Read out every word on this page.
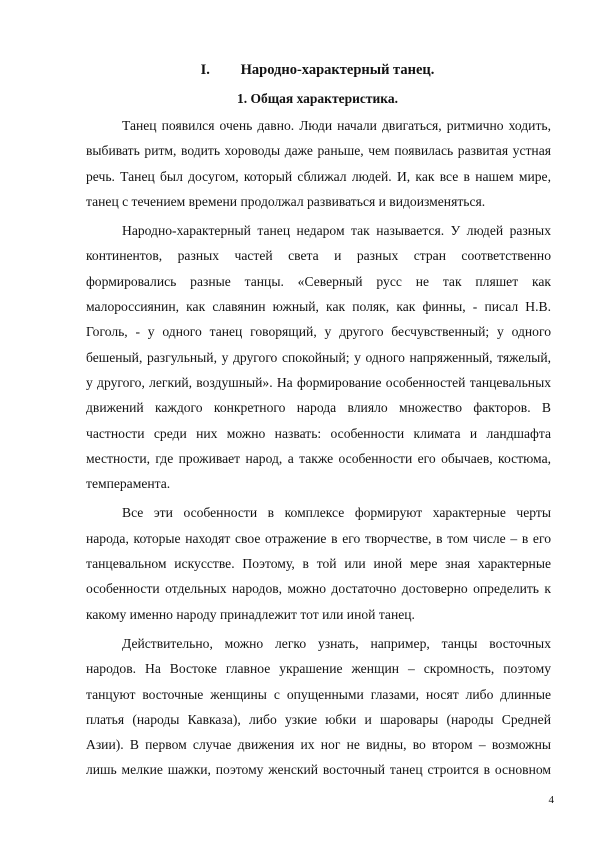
I. Народно-характерный танец.
1. Общая характеристика.
Танец появился очень давно. Люди начали двигаться, ритмично ходить,
выбивать ритм, водить хороводы даже раньше, чем появилась развитая устная
речь. Танец был досугом, который сближал людей. И, как все в нашем мире,
танец с течением времени продолжал развиваться и видоизменяться.
Народно-характерный танец недаром так называется. У людей разных
континентов, разных частей света и разных стран соответственно
формировались разные танцы. «Северный русс не так пляшет как
малороссиянин, как славянин южный, как поляк, как финны, - писал Н.В.
Гоголь, - у одного танец говорящий, у другого бесчувственный; у одного
бешеный, разгульный, у другого спокойный; у одного напряженный, тяжелый,
у другого, легкий, воздушный». На формирование особенностей танцевальных
движений каждого конкретного народа влияло множество факторов. В
частности среди них можно назвать: особенности климата и ландшафта
местности, где проживает народ, а также особенности его обычаев, костюма,
темперамента.
Все эти особенности в комплексе формируют характерные черты
народа, которые находят свое отражение в его творчестве, в том числе – в его
танцевальном искусстве. Поэтому, в той или иной мере зная характерные
особенности отдельных народов, можно достаточно достоверно определить к
какому именно народу принадлежит тот или иной танец.
Действительно, можно легко узнать, например, танцы восточных
народов. На Востоке главное украшение женщин – скромность, поэтому
танцуют восточные женщины с опущенными глазами, носят либо длинные
платья (народы Кавказа), либо узкие юбки и шаровары (народы Средней
Азии). В первом случае движения их ног не видны, во втором – возможны
лишь мелкие шажки, поэтому женский восточный танец строится в основном
4
